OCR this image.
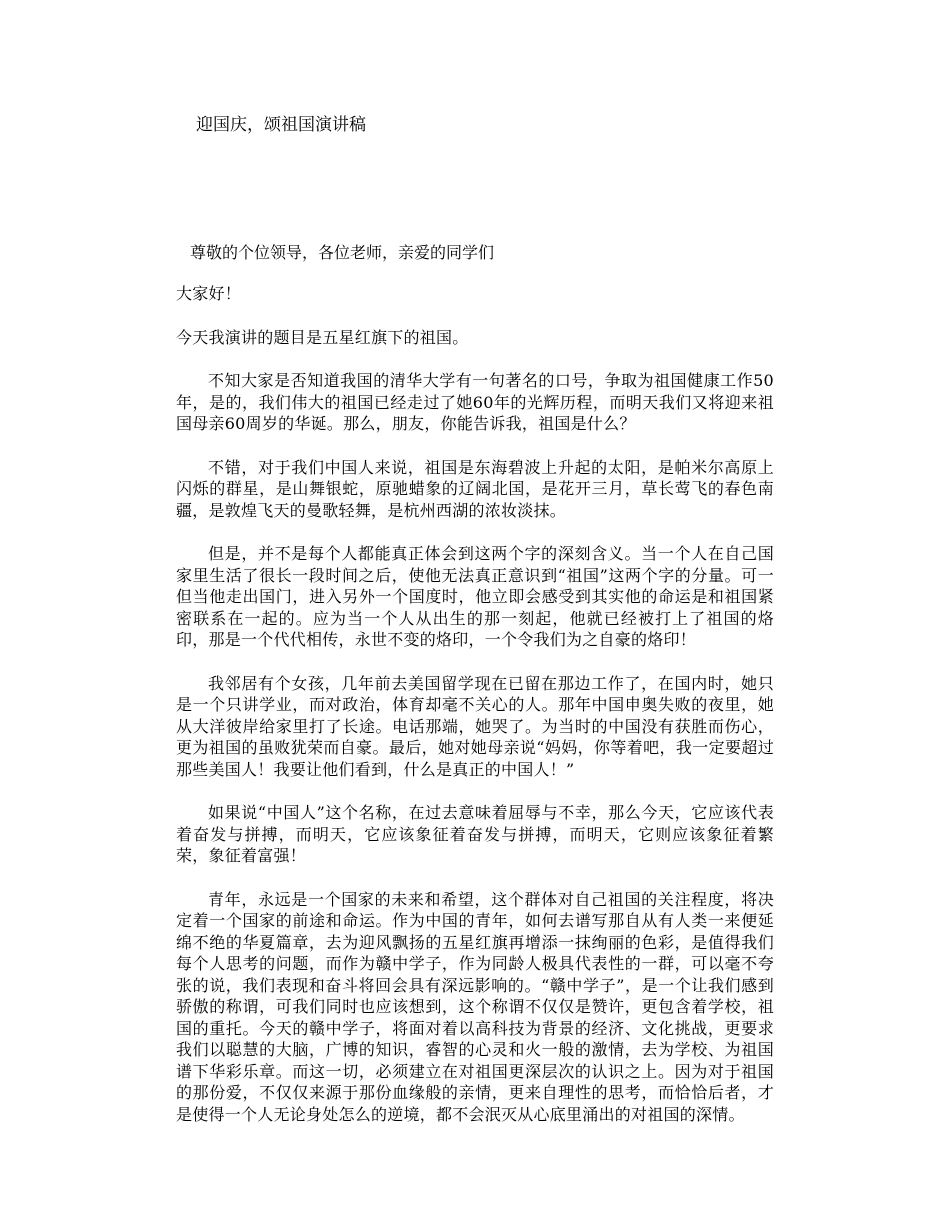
迎国庆，颂祖国演讲稿
尊敬的个位领导，各位老师，亲爱的同学们

大家好！

今天我演讲的题目是五星红旗下的祖国。

不知大家是否知道我国的清华大学有一句著名的口号，争取为祖国健康工作50年，是的，我们伟大的祖国已经走过了她60年的光辉历程，而明天我们又将迎来祖国母亲60周岁的华诞。那么，朋友，你能告诉我，祖国是什么？

不错，对于我们中国人来说，祖国是东海碧波上升起的太阳，是帕米尔高原上闪烁的群星，是山舞银蛇，原驰蜡象的辽阔北国，是花开三月，草长莺飞的春色南疆，是敦煌飞天的曼歌轻舞，是杭州西湖的浓妆淡抹。

但是，并不是每个人都能真正体会到这两个字的深刻含义。当一个人在自己国家里生活了很长一段时间之后，使他无法真正意识到“祖国”这两个字的分量。可一但当他走出国门，进入另外一个国度时，他立即会感受到其实他的命运是和祖国紧密联系在一起的。应为当一个人从出生的那一刻起，他就已经被打上了祖国的烙印，那是一个代代相传，永世不变的烙印，一个令我们为之自豪的烙印！

我邻居有个女孩，几年前去美国留学现在已留在那边工作了，在国内时，她只是一个只讲学业，而对政治，体育却毫不关心的人。那年中国申奥失败的夜里，她从大洋彼岸给家里打了长途。电话那端，她哭了。为当时的中国没有获胜而伤心，更为祖国的虽败犹荣而自豪。最后，她对她母亲说“妈妈，你等着吧，我一定要超过那些美国人！我要让他们看到，什么是真正的中国人！”

如果说“中国人”这个名称，在过去意味着屈辱与不幸，那么今天，它应该代表着奋发与拼搏，而明天，它应该象征着奋发与拼搏，而明天，它则应该象征着繁荣，象征着富强！

青年，永远是一个国家的未来和希望，这个群体对自己祖国的关注程度，将决定着一个国家的前途和命运。作为中国的青年，如何去谱写那自从有人类一来便延绵不绝的华夏篇章，去为迎风飘扬的五星红旗再增添一抹绚丽的色彩，是值得我们每个人思考的问题，而作为赣中学子，作为同龄人极具代表性的一群，可以毫不夸张的说，我们表现和奋斗将回会具有深远影响的。“赣中学子”，是一个让我们感到骄傲的称谓，可我们同时也应该想到，这个称谓不仅仅是赞许，更包含着学校，祖国的重托。今天的赣中学子，将面对着以高科技为背景的经济、文化挑战，更要求我们以聪慧的大脑，广博的知识，睿智的心灵和火一般的激情，去为学校、为祖国谱下华彩乐章。而这一切，必须建立在对祖国更深层次的认识之上。因为对于祖国的那份爱，不仅仅来源于那份血缘般的亲情，更来自理性的思考，而恰恰后者，才是使得一个人无论身处怎么的逆境，都不会泯灭从心底里涌出的对祖国的深情。
